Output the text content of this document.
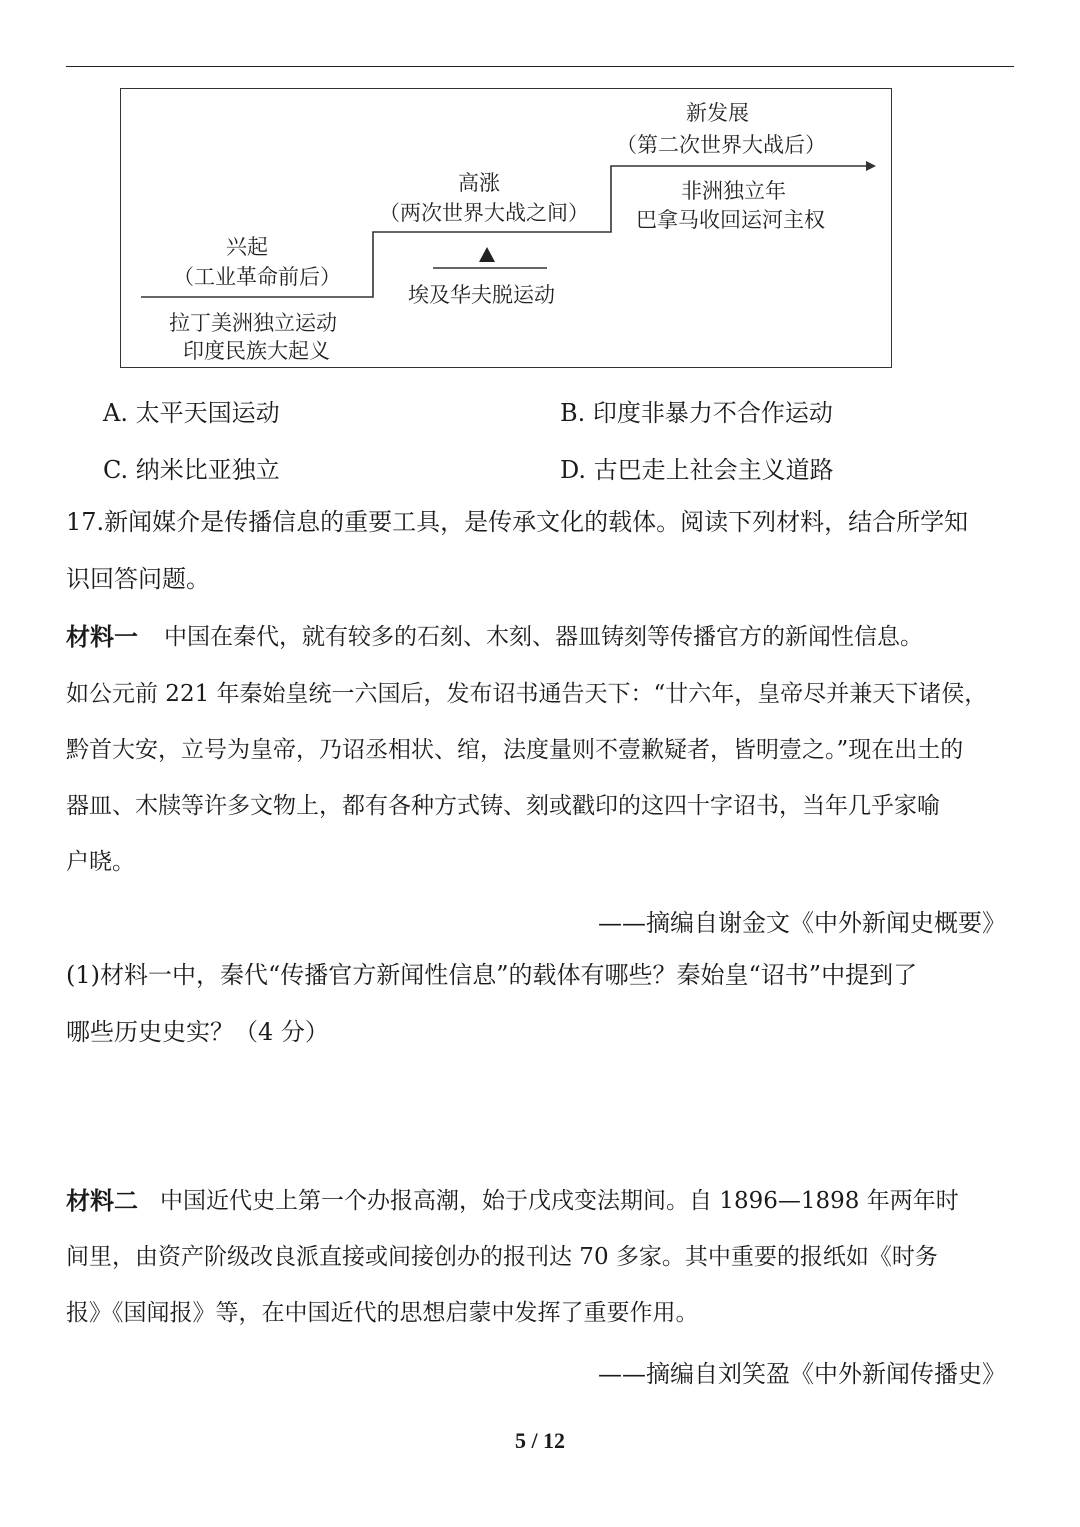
兴起
（工业革命前后）
拉丁美洲独立运动
印度民族大起义
高涨
（两次世界大战之间）
埃及华夫脱运动
新发展
（第二次世界大战后）
非洲独立年
巴拿马收回运河主权
A. 太平天国运动	B. 印度非暴力不合作运动
C. 纳米比亚独立	D. 古巴走上社会主义道路
17.新闻媒介是传播信息的重要工具，是传承文化的载体。阅读下列材料，结合所学知
识回答问题。
材料一 中国在秦代，就有较多的石刻、木刻、器皿铸刻等传播官方的新闻性信息。
如公元前 221 年秦始皇统一六国后，发布诏书通告天下：“廿六年，皇帝尽并兼天下诸侯，
黔首大安，立号为皇帝，乃诏丞相状、绾，法度量则不壹歉疑者，皆明壹之。”现在出土的
器皿、木牍等许多文物上，都有各种方式铸、刻或戳印的这四十字诏书，当年几乎家喻
户晓。
——摘编自谢金文《中外新闻史概要》
(1)材料一中，秦代“传播官方新闻性信息”的载体有哪些？秦始皇“诏书”中提到了
哪些历史史实？（4 分）
材料二 中国近代史上第一个办报高潮，始于戊戌变法期间。自 1896—1898 年两年时
间里，由资产阶级改良派直接或间接创办的报刊达 70 多家。其中重要的报纸如《时务
报》《国闻报》等，在中国近代的思想启蒙中发挥了重要作用。
——摘编自刘笑盈《中外新闻传播史》
5 / 12
